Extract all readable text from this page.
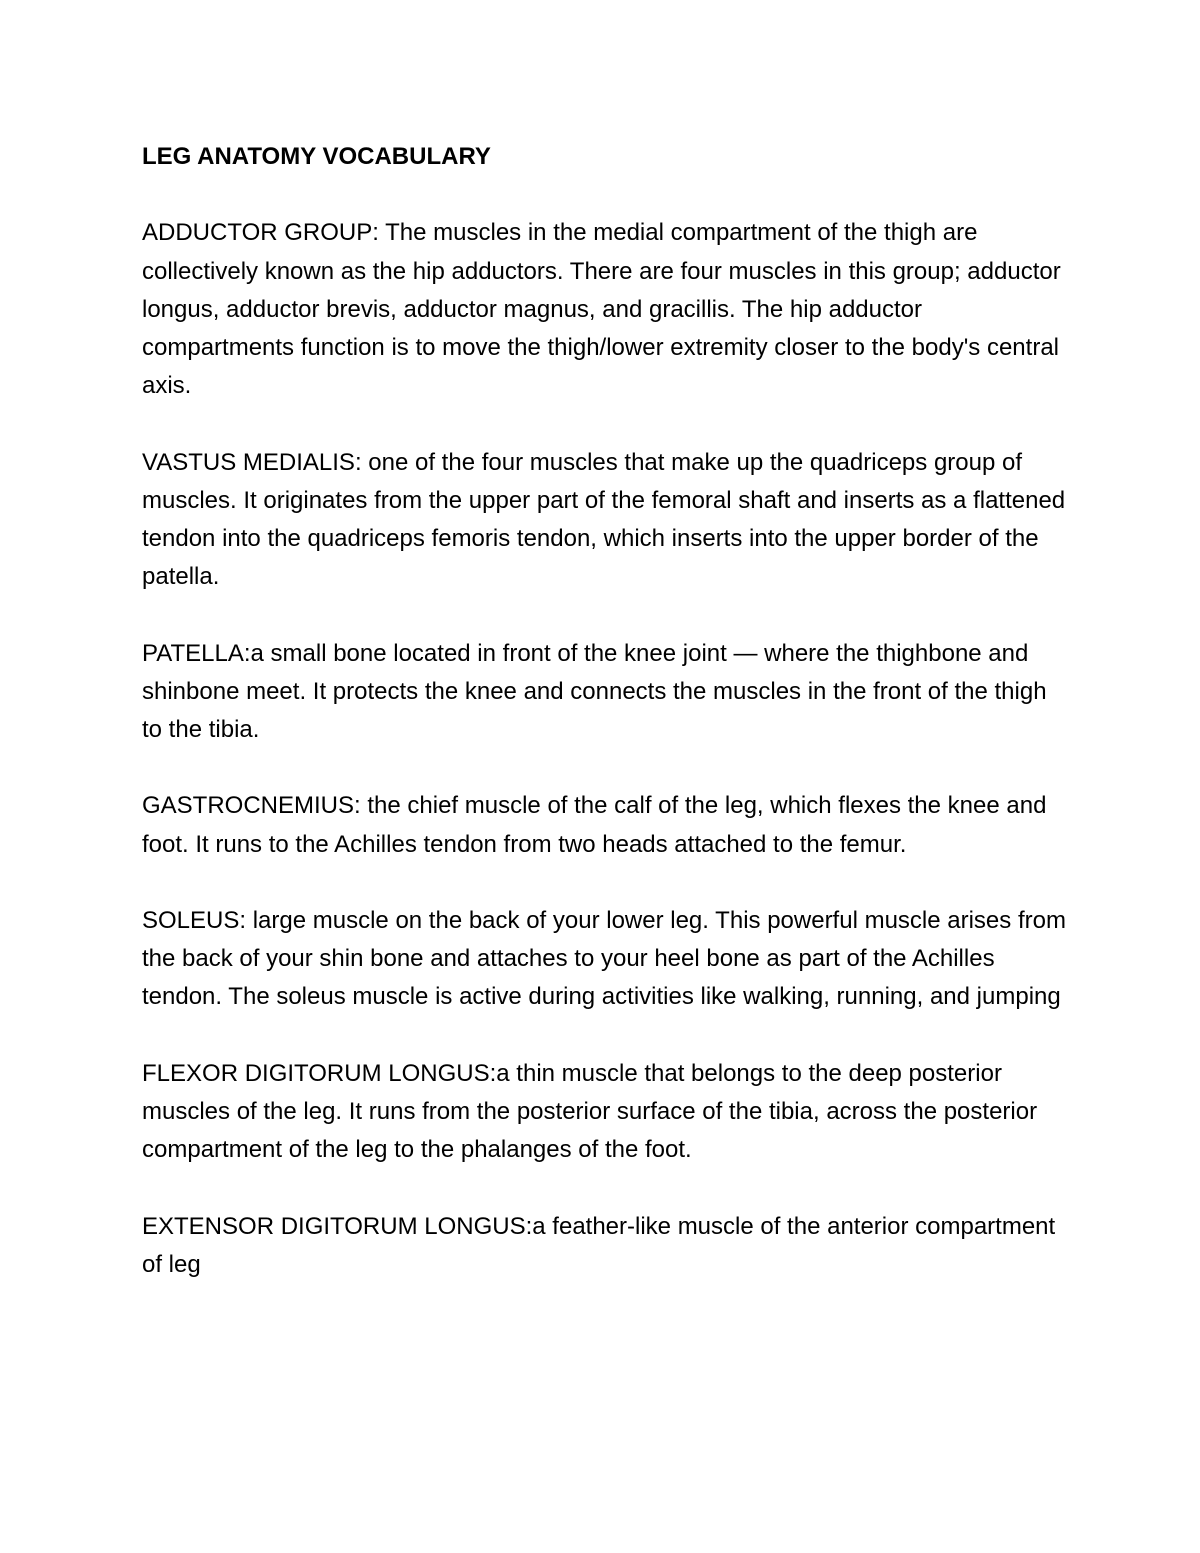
LEG ANATOMY VOCABULARY

ADDUCTOR GROUP: The muscles in the medial compartment of the thigh are collectively known as the hip adductors. There are four muscles in this group; adductor longus, adductor brevis, adductor magnus, and gracillis. The hip adductor compartments function is to move the thigh/lower extremity closer to the body's central axis.

VASTUS MEDIALIS: one of the four muscles that make up the quadriceps group of muscles. It originates from the upper part of the femoral shaft and inserts as a flattened tendon into the quadriceps femoris tendon, which inserts into the upper border of the patella.

PATELLA:a small bone located in front of the knee joint — where the thighbone and shinbone meet. It protects the knee and connects the muscles in the front of the thigh to the tibia.

GASTROCNEMIUS: the chief muscle of the calf of the leg, which flexes the knee and foot. It runs to the Achilles tendon from two heads attached to the femur.

SOLEUS: large muscle on the back of your lower leg. This powerful muscle arises from the back of your shin bone and attaches to your heel bone as part of the Achilles tendon. The soleus muscle is active during activities like walking, running, and jumping

FLEXOR DIGITORUM LONGUS:a thin muscle that belongs to the deep posterior muscles of the leg. It runs from the posterior surface of the tibia, across the posterior compartment of the leg to the phalanges of the foot.

EXTENSOR DIGITORUM LONGUS:a feather-like muscle of the anterior compartment of leg
